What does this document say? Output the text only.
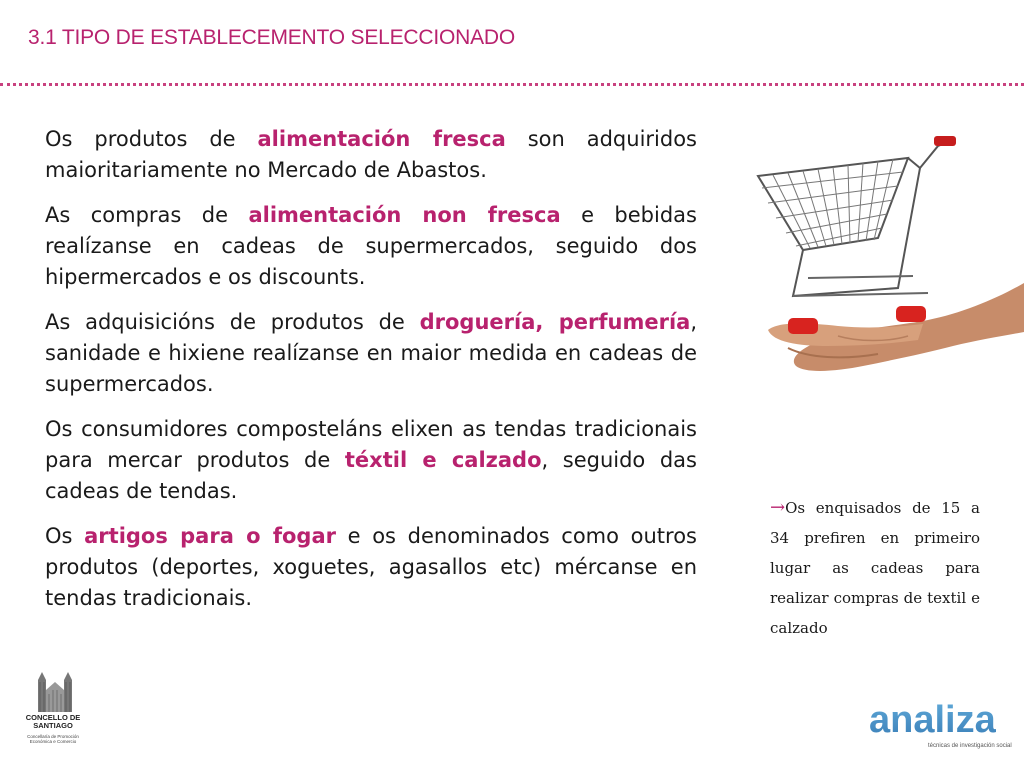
3.1 TIPO DE ESTABLECEMENTO SELECCIONADO

Os produtos de alimentación fresca son adquiridos maioritariamente no Mercado de Abastos.

As compras de alimentación non fresca e bebidas realízanse en cadeas de supermercados, seguido dos hipermercados e os discounts.

As adquisicións de produtos de droguería, perfumería, sanidade e hixiene realízanse en maior medida en cadeas de supermercados.

Os consumidores composteláns elixen as tendas tradicionais para mercar produtos de téxtil e calzado, seguido das cadeas de tendas.

Os artigos para o fogar e os denominados como outros produtos (deportes, xoguetes, agasallos etc) mércanse en tendas tradicionais.

→Os enquisados de 15 a 34 prefiren en primeiro lugar as cadeas para realizar compras de textil e calzado
CONCELLO DE SANTIAGO
Concellaría de Promoción Económica e Comercio
analiza
técnicas de investigación social
